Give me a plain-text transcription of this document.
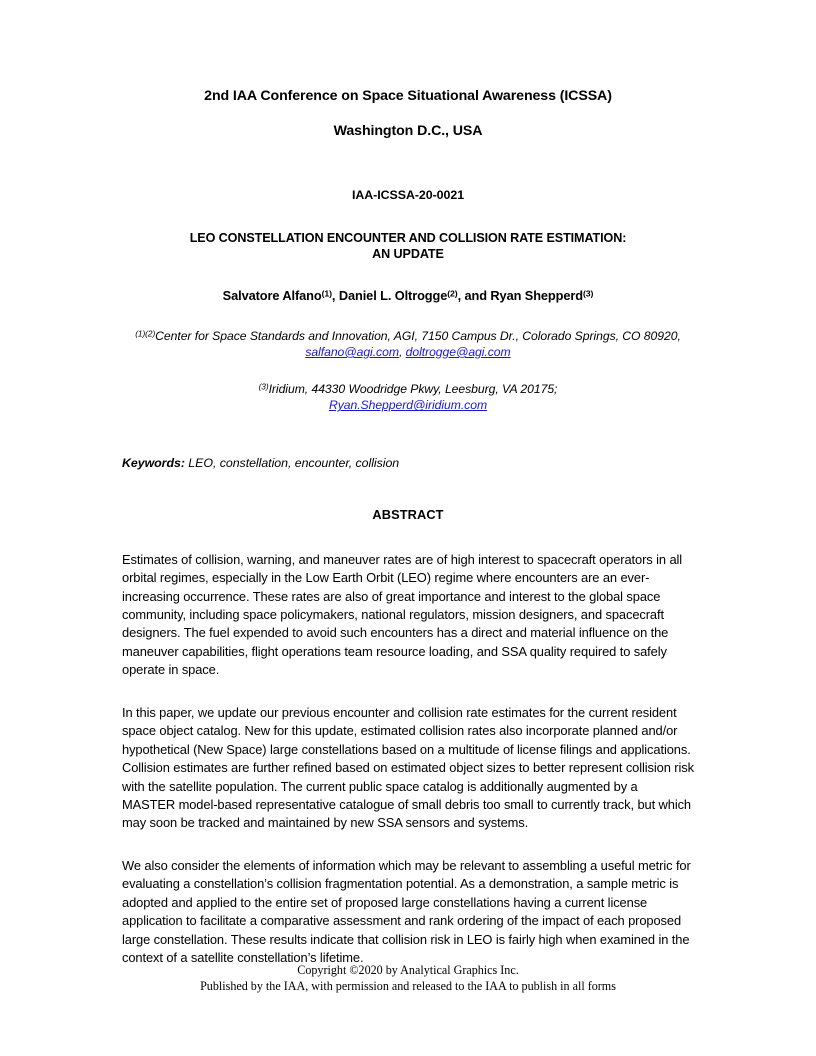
2nd IAA Conference on Space Situational Awareness (ICSSA)
Washington D.C., USA
IAA-ICSSA-20-0021
LEO CONSTELLATION ENCOUNTER AND COLLISION RATE ESTIMATION:
AN UPDATE
Salvatore Alfano$^{(1)}$, Daniel L. Oltrogge$^{(2)}$, and Ryan Shepperd$^{(3)}$
$^{(1)(2)}$Center for Space Standards and Innovation, AGI, 7150 Campus Dr., Colorado Springs, CO 80920, salfano@agi.com, doltrogge@agi.com
$^{(3)}$Iridium, 44330 Woodridge Pkwy, Leesburg, VA 20175;
Ryan.Shepperd@iridium.com
Keywords: LEO, constellation, encounter, collision
ABSTRACT
Estimates of collision, warning, and maneuver rates are of high interest to spacecraft operators in all orbital regimes, especially in the Low Earth Orbit (LEO) regime where encounters are an ever-increasing occurrence. These rates are also of great importance and interest to the global space community, including space policymakers, national regulators, mission designers, and spacecraft designers. The fuel expended to avoid such encounters has a direct and material influence on the maneuver capabilities, flight operations team resource loading, and SSA quality required to safely operate in space.
In this paper, we update our previous encounter and collision rate estimates for the current resident space object catalog. New for this update, estimated collision rates also incorporate planned and/or hypothetical (New Space) large constellations based on a multitude of license filings and applications. Collision estimates are further refined based on estimated object sizes to better represent collision risk with the satellite population. The current public space catalog is additionally augmented by a MASTER model-based representative catalogue of small debris too small to currently track, but which may soon be tracked and maintained by new SSA sensors and systems.
We also consider the elements of information which may be relevant to assembling a useful metric for evaluating a constellation’s collision fragmentation potential. As a demonstration, a sample metric is adopted and applied to the entire set of proposed large constellations having a current license application to facilitate a comparative assessment and rank ordering of the impact of each proposed large constellation. These results indicate that collision risk in LEO is fairly high when examined in the context of a satellite constellation’s lifetime.
Copyright ©2020 by Analytical Graphics Inc.
Published by the IAA, with permission and released to the IAA to publish in all forms
